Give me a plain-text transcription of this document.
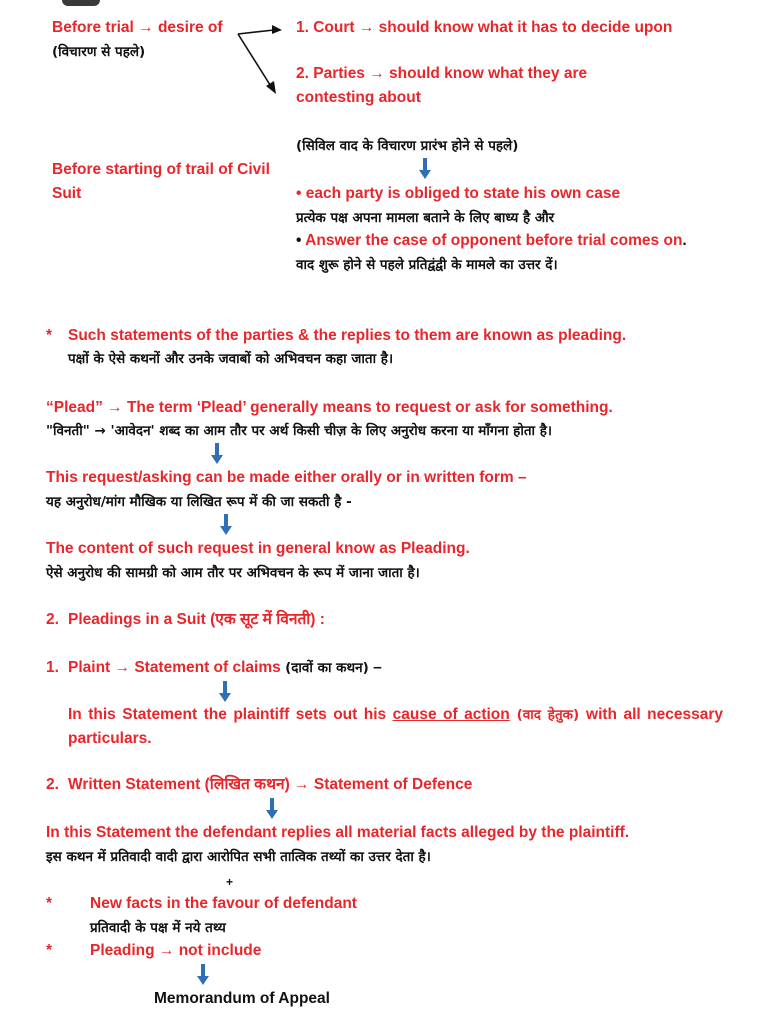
Before trial → desire of
(विचारण से पहले)
1. Court → should know what it has to decide upon
2. Parties → should know what they are
contesting about
(सिविल वाद के विचारण प्रारंभ होने से पहले)
Before starting of trail of Civil
Suit	• each party is obliged to state his own case
प्रत्येक पक्ष अपना मामला बताने के लिए बाध्य है और
• Answer the case of opponent before trial comes on.
वाद शुरू होने से पहले प्रतिद्वंद्वी के मामले का उत्तर दें।
* Such statements of the parties & the replies to them are known as pleading.
पक्षों के ऐसे कथनों और उनके जवाबों को अभिवचन कहा जाता है।
“Plead” → The term ‘Plead’ generally means to request or ask for something.
"विनती" → 'आवेदन' शब्द का आम तौर पर अर्थ किसी चीज़ के लिए अनुरोध करना या माँगना होता है।
This request/asking can be made either orally or in written form –
यह अनुरोध/मांग मौखिक या लिखित रूप में की जा सकती है -
The content of such request in general know as Pleading.
ऐसे अनुरोध की सामग्री को आम तौर पर अभिवचन के रूप में जाना जाता है।
2. Pleadings in a Suit (एक सूट में विनती) :
1. Plaint → Statement of claims (दावों का कथन) –
In this Statement the plaintiff sets out his cause of action (वाद हेतुक) with all necessary particulars.
2. Written Statement (लिखित कथन) → Statement of Defence
In this Statement the defendant replies all material facts alleged by the plaintiff.
इस कथन में प्रतिवादी वादी द्वारा आरोपित सभी तात्विक तथ्यों का उत्तर देता है।
+
* New facts in the favour of defendant
प्रतिवादी के पक्ष में नये तथ्य
* Pleading → not include
Memorandum of Appeal
